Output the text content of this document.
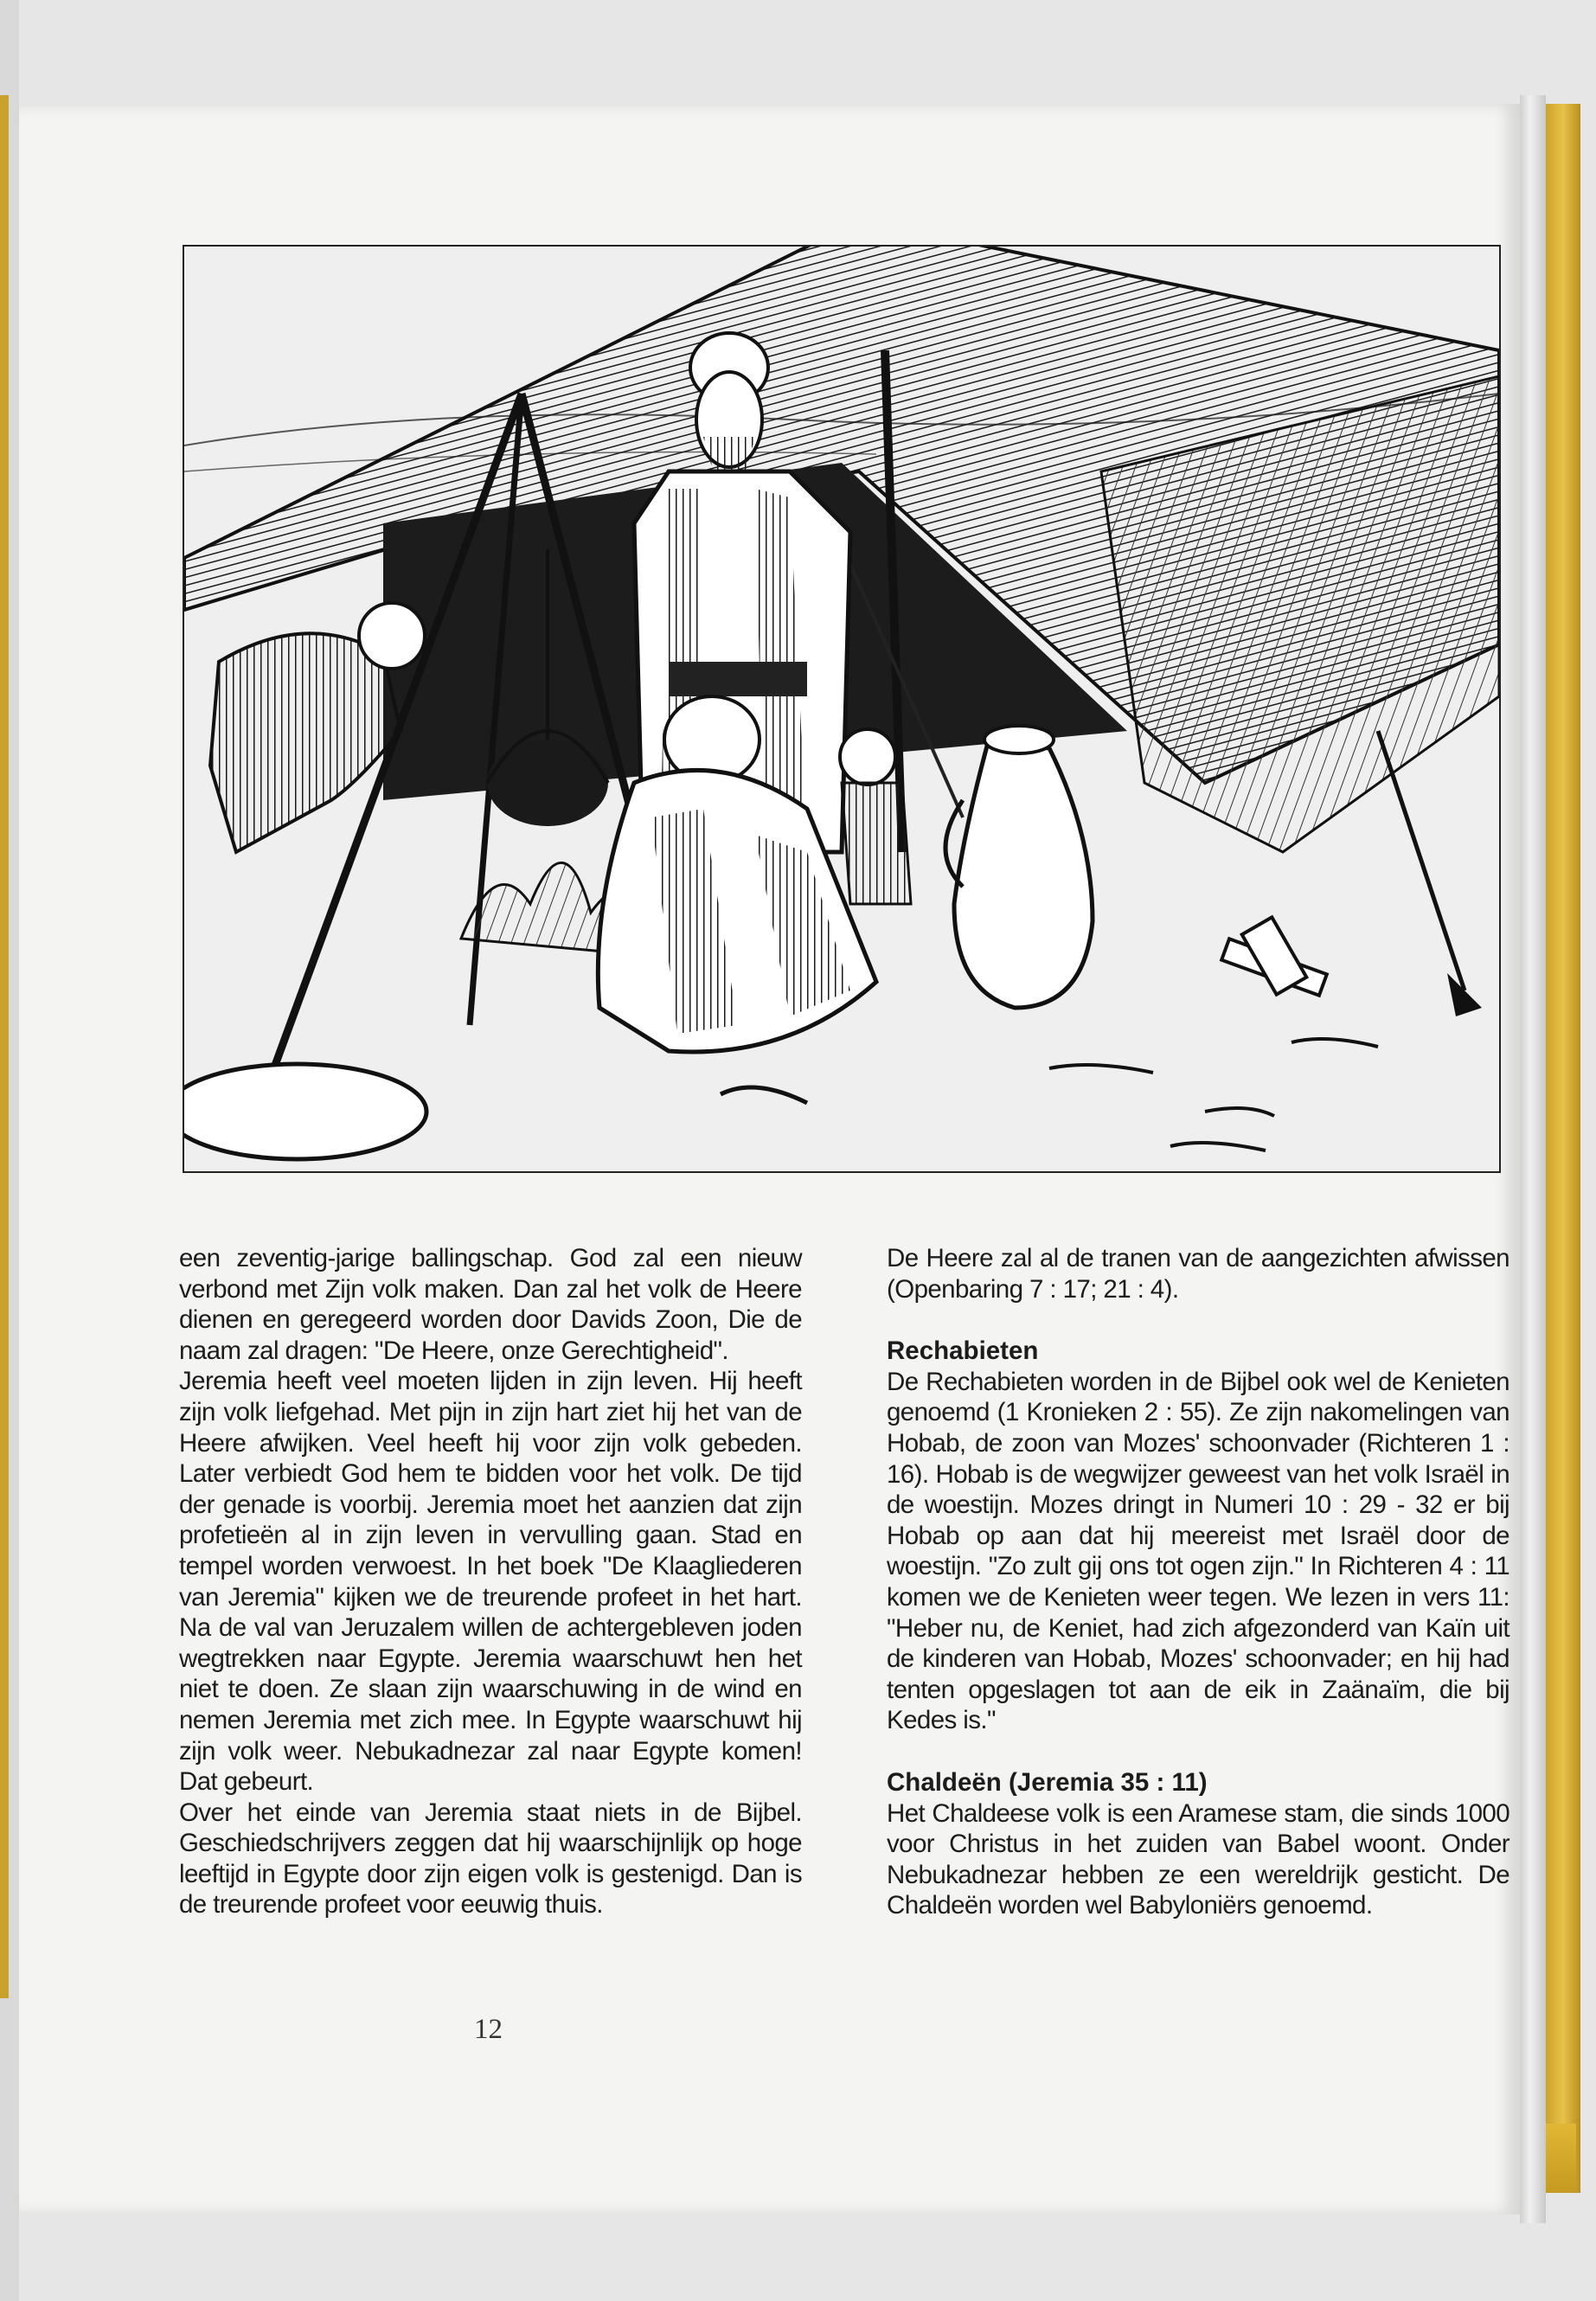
een zeventig-jarige ballingschap. God zal een nieuw verbond met Zijn volk maken. Dan zal het volk de Heere dienen en geregeerd worden door Davids Zoon, Die de naam zal dragen: "De Heere, onze Gerechtigheid".

Jeremia heeft veel moeten lijden in zijn leven. Hij heeft zijn volk liefgehad. Met pijn in zijn hart ziet hij het van de Heere afwijken. Veel heeft hij voor zijn volk gebeden. Later verbiedt God hem te bidden voor het volk. De tijd der genade is voorbij. Jeremia moet het aanzien dat zijn profetieën al in zijn leven in vervulling gaan. Stad en tempel worden verwoest. In het boek "De Klaagliederen van Jeremia" kijken we de treurende profeet in het hart. Na de val van Jeruzalem willen de achtergebleven joden wegtrekken naar Egypte. Jeremia waarschuwt hen het niet te doen. Ze slaan zijn waarschuwing in de wind en nemen Jeremia met zich mee. In Egypte waarschuwt hij zijn volk weer. Nebukadnezar zal naar Egypte komen! Dat gebeurt.

Over het einde van Jeremia staat niets in de Bijbel. Geschiedschrijvers zeggen dat hij waarschijnlijk op hoge leeftijd in Egypte door zijn eigen volk is gestenigd. Dan is de treurende profeet voor eeuwig thuis.

De Heere zal al de tranen van de aangezichten afwissen (Openbaring 7 : 17; 21 : 4).

Rechabieten

De Rechabieten worden in de Bijbel ook wel de Kenieten genoemd (1 Kronieken 2 : 55). Ze zijn nakomelingen van Hobab, de zoon van Mozes' schoonvader (Richteren 1 : 16). Hobab is de wegwijzer geweest van het volk Israël in de woestijn. Mozes dringt in Numeri 10 : 29 - 32 er bij Hobab op aan dat hij meereist met Israël door de woestijn. "Zo zult gij ons tot ogen zijn." In Richteren 4 : 11 komen we de Kenieten weer tegen. We lezen in vers 11: "Heber nu, de Keniet, had zich afgezonderd van Kaïn uit de kinderen van Hobab, Mozes' schoonvader; en hij had tenten opgeslagen tot aan de eik in Zaänaïm, die bij Kedes is."

Chaldeën (Jeremia 35 : 11)

Het Chaldeese volk is een Aramese stam, die sinds 1000 voor Christus in het zuiden van Babel woont. Onder Nebukadnezar hebben ze een wereldrijk gesticht. De Chaldeën worden wel Babyloniërs genoemd.

12
